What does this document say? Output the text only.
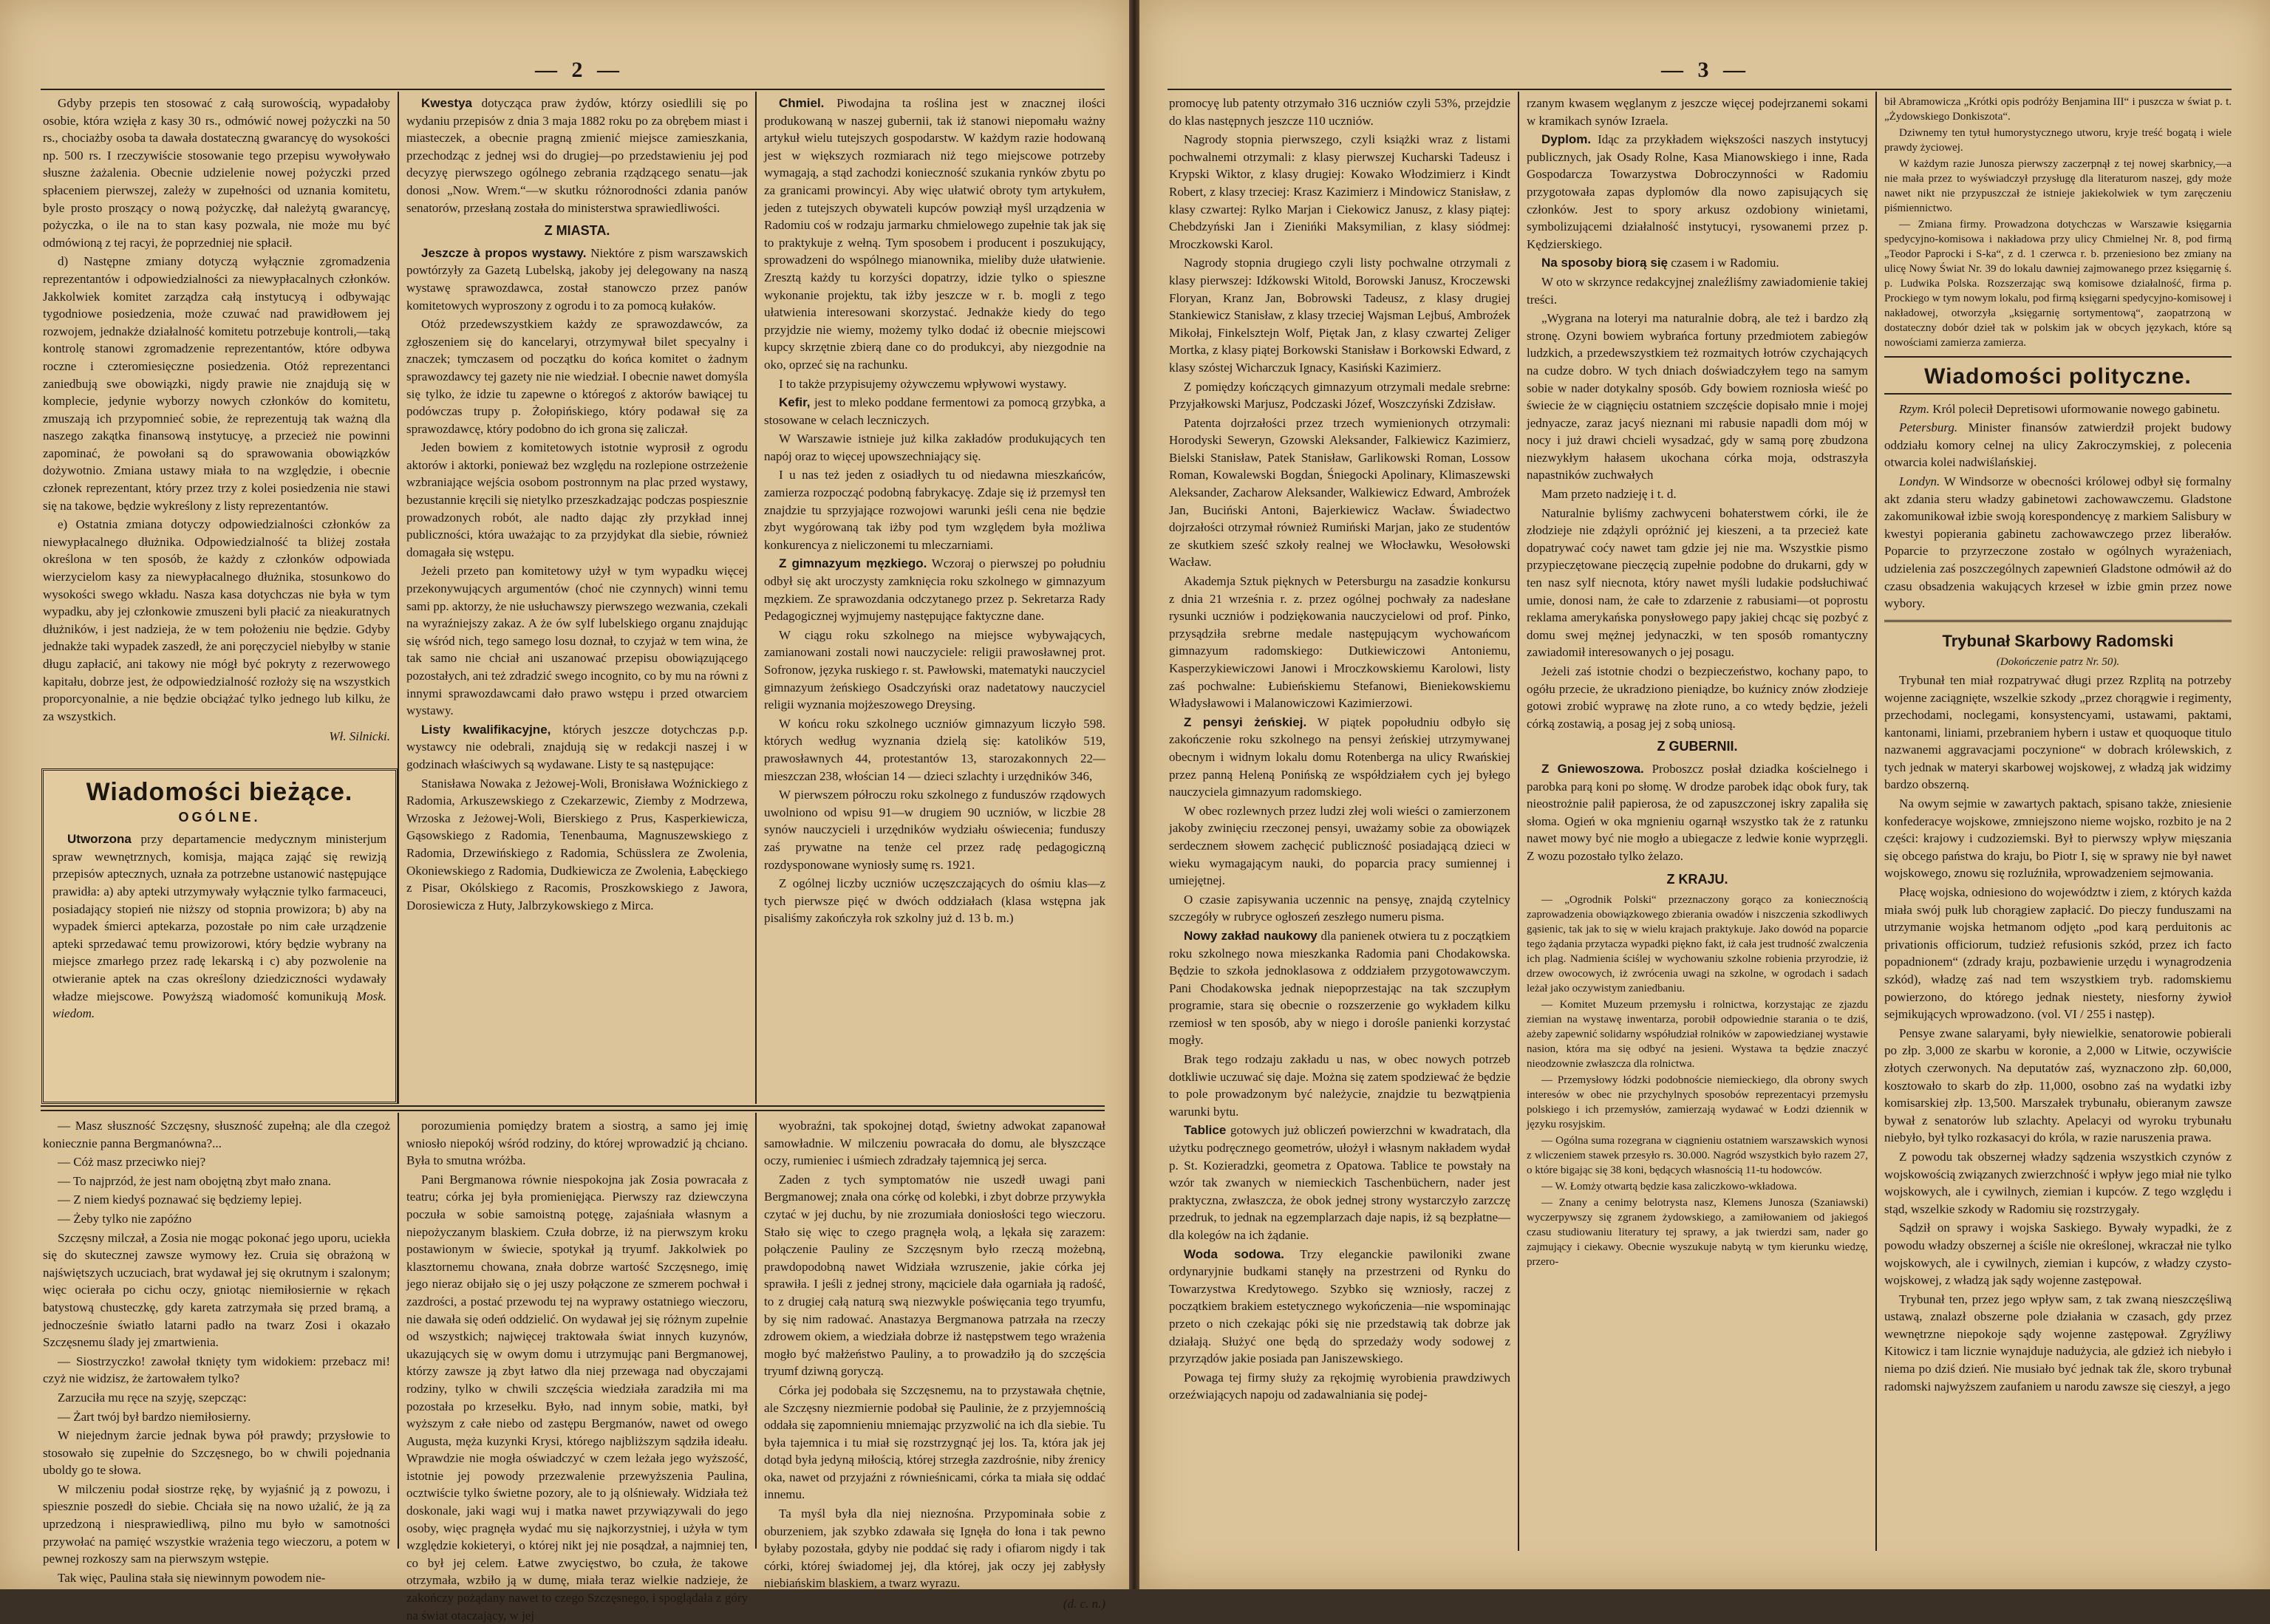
— 2 —

Gdyby przepis ten stosować z całą surowością, wypadałoby osobie, która wzięła z kasy 30 rs., odmówić nowej pożyczki na 50 rs., chociażby osoba ta dawała dostateczną gwarancyę do wysokości np. 500 rs. I rzeczywiście stosowanie tego przepisu wywoływało słuszne żażalenia. Obecnie udzielenie nowej pożyczki przed spłaceniem pierwszej, zależy w zupełności od uznania komitetu, byle prosto proszący o nową pożyczkę, dał należytą gwarancyę, pożyczka, o ile na to stan kasy pozwala, nie może mu być odmówioną z tej racyi, że poprzedniej nie spłacił.

d) Następne zmiany dotyczą wyłącznie zgromadzenia reprezentantów i odpowiedzialności za niewypłacalnych członków. Jakkolwiek komitet zarządza całą instytucyą i odbywając tygodniowe posiedzenia, może czuwać nad prawidłowem jej rozwojem, jednakże działalność komitetu potrzebuje kontroli,—taką kontrolę stanowi zgromadzenie reprezentantów, które odbywa roczne i czteromiesięczne posiedzenia. Otóż reprezentanci zaniedbują swe obowiązki, nigdy prawie nie znajdują się w komplecie, jedynie wyborzy nowych członków do komitetu, zmuszają ich przypomnieć sobie, że reprezentują tak ważną dla naszego zakątka finansową instytucyę, a przecież nie powinni zapominać, że powołani są do sprawowania obowiązków dożywotnio. Zmiana ustawy miała to na względzie, i obecnie członek reprezentant, który przez trzy z kolei posiedzenia nie stawi się na takowe, będzie wykreślony z listy reprezentantów.

e) Ostatnia zmiana dotyczy odpowiedzialności członków za niewypłacalnego dłużnika. Odpowiedzialność ta bliżej została określona w ten sposób, że każdy z członków odpowiada wierzycielom kasy za niewypłacalnego dłużnika, stosunkowo do wysokości swego wkładu. Nasza kasa dotychczas nie była w tym wypadku, aby jej członkowie zmuszeni byli płacić za nieakuratnych dłużników, i jest nadzieja, że w tem położeniu nie będzie. Gdyby jednakże taki wypadek zaszedł, że ani poręczyciel niebyłby w stanie długu zapłacić, ani takowy nie mógł być pokryty z rezerwowego kapitału, dobrze jest, że odpowiedzialność rozłoży się na wszystkich proporcyonalnie, a nie będzie obciążać tylko jednego lub kilku, że za wszystkich.

Wł. Silnicki.

Kwestya dotycząca praw żydów, którzy osiedlili się po wydaniu przepisów z dnia 3 maja 1882 roku po za obrębem miast i miasteczek, a obecnie pragną zmienić miejsce zamieszkania, przechodząc z jednej wsi do drugiej—po przedstawieniu jej pod decyzyę pierwszego ogólnego zebrania rządzącego senatu—jak donosi „Now. Wrem.“—w skutku różnorodności zdania panów senatorów, przesłaną została do ministerstwa sprawiedliwości.

Z MIASTA.

Jeszcze à propos wystawy. Niektóre z pism warszawskich powtórzyły za Gazetą Lubelską, jakoby jej delegowany na naszą wystawę sprawozdawca, został stanowczo przez panów komitetowych wyproszony z ogrodu i to za pomocą kułaków.

Otóż przedewszystkiem każdy ze sprawozdawców, za zgłoszeniem się do kancelaryi, otrzymywał bilet specyalny i znaczek; tymczasem od początku do końca komitet o żadnym sprawozdawcy tej gazety nie nie wiedział. I obecnie nawet domyśla się tylko, że idzie tu zapewne o któregoś z aktorów bawiącej tu podówczas trupy p. Żołopińskiego, który podawał się za sprawozdawcę, który podobno do ich grona się zaliczał.

Jeden bowiem z komitetowych istotnie wyprosił z ogrodu aktorów i aktorki, ponieważ bez względu na rozlepione ostrzeżenie wzbraniające wejścia osobom postronnym na plac przed wystawy, bezustannie kręcili się nietylko przeszkadzając podczas pospiesznie prowadzonych robót, ale nadto dając zły przykład innej publiczności, która uważając to za przyjdykat dla siebie, również domagała się wstępu.

Jeżeli przeto pan komitetowy użył w tym wypadku więcej przekonywujących argumentów (choć nie czynnych) winni temu sami pp. aktorzy, że nie usłuchawszy pierwszego wezwania, czekali na wyraźniejszy zakaz. A że ów sylf lubelskiego organu znajdując się wśród nich, tego samego losu doznał, to czyjaż w tem wina, że tak samo nie chciał ani uszanować przepisu obowiązującego pozostałych, ani też zdradzić swego incognito, co by mu na równi z innymi sprawozdawcami dało prawo wstępu i przed otwarciem wystawy.

Listy kwalifikacyjne, których jeszcze dotychczas p.p. wystawcy nie odebrali, znajdują się w redakcji naszej i w godzinach właściwych są wydawane. Listy te są następujące:

Stanisława Nowaka z Jeżowej-Woli, Bronisława Woźnickiego z Radomia, Arkuszewskiego z Czekarzewic, Ziemby z Modrzewa, Wrzoska z Jeżowej-Woli, Bierskiego z Prus, Kasperkiewicza, Gąsowskiego z Radomia, Tenenbauma, Magnuszewskiego z Radomia, Drzewińskiego z Radomia, Schüsslera ze Zwolenia, Okoniewskiego z Radomia, Dudkiewicza ze Zwolenia, Łabęckiego z Pisar, Okólskiego z Racomis, Proszkowskiego z Jawora, Dorosiewicza z Huty, Jalbrzykowskiego z Mirca.

Chmiel. Piwodajna ta roślina jest w znacznej ilości produkowaną w naszej gubernii, tak iż stanowi niepomału ważny artykuł wielu tutejszych gospodarstw. W każdym razie hodowaną jest w większych rozmiarach niż tego miejscowe potrzeby wymagają, a stąd zachodzi konieczność szukania rynków zbytu po za granicami prowincyi. Aby więc ułatwić obroty tym artykułem, jeden z tutejszych obywateli kupców powziął myśl urządzenia w Radomiu coś w rodzaju jarmarku chmielowego zupełnie tak jak się to praktykuje z wełną. Tym sposobem i producent i poszukujący, sprowadzeni do wspólnego mianownika, mieliby duże ułatwienie. Zresztą każdy tu korzyści dopatrzy, idzie tylko o spieszne wykonanie projektu, tak iżby jeszcze w r. b. mogli z tego ułatwienia interesowani skorzystać. Jednakże kiedy do tego przyjdzie nie wiemy, możemy tylko dodać iż obecnie miejscowi kupcy skrzętnie zbierą dane co do produkcyi, aby niezgodnie na oko, oprzeć się na rachunku.

I to także przypisujemy ożywczemu wpływowi wystawy.

Kefir, jest to mleko poddane fermentowi za pomocą grzybka, a stosowane w celach leczniczych.

W Warszawie istnieje już kilka zakładów produkujących ten napój oraz to więcej upowszechniający się.

I u nas też jeden z osiadłych tu od niedawna mieszkańców, zamierza rozpocząć podobną fabrykacyę. Zdaje się iż przemysł ten znajdzie tu sprzyjające rozwojowi warunki jeśli cena nie będzie zbyt wygórowaną tak iżby pod tym względem była możliwa konkurencya z nieliczonemi tu mleczarniami.

Z gimnazyum męzkiego. Wczoraj o pierwszej po południu odbył się akt uroczysty zamknięcia roku szkolnego w gimnazyum męzkiem. Ze sprawozdania odczytanego przez p. Sekretarza Rady Pedagogicznej wyjmujemy następujące faktyczne dane.

W ciągu roku szkolnego na miejsce wybywających, zamianowani zostali nowi nauczyciele: religii prawosławnej prot. Sofronow, języka ruskiego r. st. Pawłowski, matematyki nauczyciel gimnazyum żeńskiego Osadczyński oraz nadetatowy nauczyciel religii wyznania mojżeszowego Dreysing.

W końcu roku szkolnego uczniów gimnazyum liczyło 598. których według wyznania dzielą się: katolików 519, prawosławnych 44, protestantów 13, starozakonnych 22—mieszczan 238, włościan 14 — dzieci szlachty i urzędników 346,

W pierwszem półroczu roku szkolnego z funduszów rządowych uwolniono od wpisu 91—w drugiem 90 uczniów, w liczbie 28 synów nauczycieli i urzędników wydziału oświecenia; funduszy zaś prywatne na tenże cel przez radę pedagogiczną rozdysponowane wyniosły sumę rs. 1921.

Z ogólnej liczby uczniów uczęszczających do ośmiu klas—z tych pierwsze pięć w dwóch oddziałach (klasa wstępna jak pisaliśmy zakończyła rok szkolny już d. 13 b. m.)

Wiadomości bieżące.
OGÓLNE.

Utworzona przy departamencie medycznym ministerjum spraw wewnętrznych, komisja, mająca zająć się rewizją przepisów aptecznych, uznała za potrzebne ustanowić następujące prawidła: a) aby apteki utrzymywały wyłącznie tylko farmaceuci, posiadający stopień nie niższy od stopnia prowizora; b) aby na wypadek śmierci aptekarza, pozostałe po nim całe urządzenie apteki sprzedawać temu prowizorowi, który będzie wybrany na miejsce zmarłego przez radę lekarską i c) aby pozwolenie na otwieranie aptek na czas określony dziedziczności wydawały władze miejscowe. Powyższą wiadomość komunikują Mosk. wiedom.

— Masz słuszność Szczęsny, słuszność zupełną; ale dla czegoż koniecznie panna Bergmanówna?...

— Cóż masz przeciwko niej?

— To najprzód, że jest nam obojętną zbyt mało znana.

— Z niem kiedyś poznawać się będziemy lepiej.

— Żeby tylko nie zapóźno

Szczęsny milczał, a Zosia nie mogąc pokonać jego uporu, uciekła się do skutecznej zawsze wymowy łez. Cruia się obrażoną w najświętszych uczuciach, brat wydawał jej się okrutnym i szalonym; więc ocierała po cichu oczy, gniotąc niemiłosiernie w rękach batystową chusteczkę, gdy kareta zatrzymała się przed bramą, a jednocześnie światło latarni padło na twarz Zosi i okazało Szczęsnemu ślady jej zmartwienia.

— Siostrzyczko! zawołał tknięty tym widokiem: przebacz mi! czyż nie widzisz, że żartowałem tylko?

Zarzuciła mu ręce na szyję, szepcząc:

— Żart twój był bardzo niemiłosierny.

W niejednym żarcie jednak bywa pół prawdy; przysłowie to stosowało się zupełnie do Szczęsnego, bo w chwili pojednania uboldy go te słowa.

W milczeniu podał siostrze rękę, by wyjaśnić ją z powozu, i spiesznie poszedł do siebie. Chciała się na nowo użalić, że ją za uprzedzoną i niesprawiedliwą, pilno mu było w samotności przywołać na pamięć wszystkie wrażenia tego wieczoru, a potem w pewnej rozkoszy sam na pierwszym wstępie.

Tak więc, Paulina stała się niewinnym powodem nie-

porozumienia pomiędzy bratem a siostrą, a samo jej imię wniosło niepokój wśród rodziny, do której wprowadzić ją chciano. Była to smutna wróżba.

Pani Bergmanowa równie niespokojna jak Zosia powracała z teatru; córka jej była promienięjąca. Pierwszy raz dziewczyna poczuła w sobie samoistną potęgę, zajaśniała własnym a niepożyczanym blaskiem. Czuła dobrze, iż na pierwszym kroku postawionym w świecie, spotykał ją tryumf. Jakkolwiek po klasztornemu chowana, znała dobrze wartość Szczęsnego, imię jego nieraz obijało się o jej uszy połączone ze szmerem pochwał i zazdrości, a postać przewodu tej na wyprawy ostatniego wieczoru, nie dawała się odeń oddzielić. On wydawał jej się różnym zupełnie od wszystkich; najwięcej traktowała świat innych kuzynów, ukazujących się w owym domu i utrzymując pani Bergmanowej, którzy zawsze ją zbyt łatwo dla niej przewaga nad obyczajami rodziny, tylko w chwili szczęścia wiedziała zaradziła mi ma pozostała po krzesełku. Było, nad innym sobie, matki, był wyższym z całe niebo od zastępu Bergmanów, nawet od owego Augusta, męża kuzynki Krysi, którego najbliższym sądziła ideału. Wprawdzie nie mogła oświadczyć w czem leżała jego wyższość, istotnie jej powody przezwalenie przewyższenia Paulina, ocztwiście tylko świetne pozory, ale to ją olśniewały. Widziała też doskonale, jaki wagi wuj i matka nawet przywiązywali do jego osoby, więc pragnęła wydać mu się najkorzystniej, i użyła w tym względzie kokieteryi, o której nikt jej nie posądzał, a najmniej ten, co był jej celem. Łatwe zwycięstwo, bo czuła, że takowe otrzymała, wzbiło ją w dumę, miała teraz wielkie nadzieje, że zakończy pożądany nawet to czego Szczęsnego, i spoglądała z góry na świat otaczający, w jej

wyobraźni, tak spokojnej dotąd, świetny adwokat zapanował samowładnie. W milczeniu powracała do domu, ale błyszczące oczy, rumieniec i uśmiech zdradzały tajemnicą jej serca.

Zaden z tych symptomatów nie uszedł uwagi pani Bergmanowej; znała ona córkę od kolebki, i zbyt dobrze przywykła czytać w jej duchu, by nie zrozumiała doniosłości tego wieczoru. Stało się więc to czego pragnęła wolą, a lękała się zarazem: połączenie Pauliny ze Szczęsnym było rzeczą możebną, prawdopodobną nawet Widziała wzruszenie, jakie córka jej sprawiła. I jeśli z jednej strony, mąciciele dała ogarniała ją radość, to z drugiej całą naturą swą niezwykle poświęcania tego tryumfu, by się nim radować. Anastazya Bergmanowa patrzała na rzeczy zdrowem okiem, a wiedziała dobrze iż następstwem tego wrażenia mogło być małżeństwo Pauliny, a to prowadziło ją do szczęścia tryumf dziwną goryczą.

Córka jej podobała się Szczęsnemu, na to przystawała chętnie, ale Szczęsny niezmiernie podobał się Paulinie, że z przyjemnością oddała się zapomnieniu mniemając przyzwolić na ich dla siebie. Tu była tajemnica i tu miał się rozstrzygnąć jej los. Ta, która jak jej dotąd była jedyną miłością, której strzegła zazdrośnie, niby źrenicy oka, nawet od przyjaźni z równieśnicami, córka ta miała się oddać innemu.

Ta myśl była dla niej nieznośna. Przypominała sobie z oburzeniem, jak szybko zdawała się Ignęła do łona i tak pewno byłaby pozostała, gdyby nie poddać się rady i ofiarom nigdy i tak córki, której świadomej jej, dla której, jak oczy jej zabłysły niebiańskim blaskiem, a twarz wyrazu.

(d. c. n.)
— 3 —

promocyę lub patenty otrzymało 316 uczniów czyli 53%, przejdzie do klas następnych jeszcze 110 uczniów.

Nagrody stopnia pierwszego, czyli książki wraz z listami pochwalnemi otrzymali: z klasy pierwszej Kucharski Tadeusz i Krypski Wiktor, z klasy drugiej: Kowako Włodzimierz i Kindt Robert, z klasy trzeciej: Krasz Kazimierz i Mindowicz Stanisław, z klasy czwartej: Rylko Marjan i Ciekowicz Janusz, z klasy piątej: Chebdzyński Jan i Zienińki Maksymilian, z klasy siódmej: Mroczkowski Karol.

Nagrody stopnia drugiego czyli listy pochwalne otrzymali z klasy pierwszej: Idźkowski Witold, Borowski Janusz, Kroczewski Floryan, Kranz Jan, Bobrowski Tadeusz, z klasy drugiej Stankiewicz Stanisław, z klasy trzeciej Wajsman Lejbuś, Ambroźek Mikołaj, Finkelsztejn Wolf, Piętak Jan, z klasy czwartej Zeliger Mortka, z klasy piątej Borkowski Stanisław i Borkowski Edward, z klasy szóstej Wicharczuk Ignacy, Kasiński Kazimierz.

Z pomiędzy kończących gimnazyum otrzymali medale srebrne: Przyjałkowski Marjusz, Podczaski Józef, Woszczyński Zdzisław.

Patenta dojrzałości przez trzech wymienionych otrzymali: Horodyski Seweryn, Gzowski Aleksander, Falkiewicz Kazimierz, Bielski Stanisław, Patek Stanisław, Garlikowski Roman, Lossow Roman, Kowalewski Bogdan, Śniegocki Apolinary, Klimaszewski Aleksander, Zacharow Aleksander, Walkiewicz Edward, Ambroźek Jan, Buciński Antoni, Bajerkiewicz Wacław. Świadectwo dojrzałości otrzymał również Rumiński Marjan, jako ze studentów ze skutkiem sześć szkoły realnej we Włocławku, Wesołowski Wacław.

Akademja Sztuk pięknych w Petersburgu na zasadzie konkursu z dnia 21 września r. z. przez ogólnej pochwały za nadesłane rysunki uczniów i podziękowania nauczycielowi od prof. Pinko, przysądziła srebrne medale następującym wychowańcom gimnazyum radomskiego: Dutkiewiczowi Antoniemu, Kasperzykiewiczowi Janowi i Mroczkowskiemu Karolowi, listy zaś pochwalne: Łubieńskiemu Stefanowi, Bieniekowskiemu Władysławowi i Malanowiczowi Kazimierzowi.

Z pensyi żeńskiej. W piątek popołudniu odbyło się zakończenie roku szkolnego na pensyi żeńskiej utrzymywanej obecnym i widnym lokalu domu Rotenberga na ulicy Rwańskiej przez panną Heleną Ponińską ze współdziałem cych jej byłego nauczyciela gimnazyum radomskiego.

W obec rozlewnych przez ludzi złej woli wieści o zamierzonem jakoby zwinięciu rzeczonej pensyi, uważamy sobie za obowiązek serdecznem słowem zachęcić publiczność posiadającą dzieci w wieku wymagającym nauki, do poparcia pracy sumiennej i umiejętnej.

O czasie zapisywania uczennic na pensyę, znajdą czytelnicy szczegóły w rubryce ogłoszeń zeszłego numeru pisma.

Nowy zakład naukowy dla panienek otwiera tu z początkiem roku szkolnego nowa mieszkanka Radomia pani Chodakowska. Będzie to szkoła jednoklasowa z oddziałem przygotowawczym. Pani Chodakowska jednak niepoprzestając na tak szczupłym programie, stara się obecnie o rozszerzenie go wykładem kilku rzemiosł w ten sposób, aby w niego i doroślе panienki korzystać mogły.

Brak tego rodzaju zakładu u nas, w obec nowych potrzeb dotkliwie uczuwać się daje. Można się zatem spodziewać że będzie to pole prowadzonym być należycie, znajdzie tu bezwątpienia warunki bytu.

Tablice gotowych już obliczeń powierzchni w kwadratach, dla użytku podręcznego geometrów, ułożył i własnym nakładem wydał p. St. Kozieradzki, geometra z Opatowa. Tablice te powstały na wzór tak zwanych w niemieckich Taschenbüchern, nader jest praktyczna, zwłaszcza, że obok jednej strony wystarczyło zarzczę przedruk, to jednak na egzemplarzach daje napis, iż są bezpłatne—dla kolegów na ich żądanie.

Woda sodowa. Trzy eleganckie pawiloniki zwane ordynaryjnie budkami stanęły na przestrzeni od Rynku do Towarzystwa Kredytowego. Szybko się wzniosły, raczej z początkiem brakiem estetycznego wykończenia—nie wspominając przeto o nich czekając póki się nie przedstawią tak dobrze jak działają. Służyć one będą do sprzedaży wody sodowej z przyrządów jakie posiada pan Janiszewskiego.

Powaga tej firmy służy za rękojmię wyrobienia prawdziwych orzeźwiających napoju od zadawalniania się podej-

rzanym kwasem węglanym z jeszcze więcej podejrzanemi sokami w kramikach synów Izraela.

Dyplom. Idąc za przykładem większości naszych instytucyj publicznych, jak Osady Rolne, Kasa Mianowskiego i inne, Rada Gospodarcza Towarzystwa Dobroczynności w Radomiu przygotowała zapas dyplomów dla nowo zapisujących się członków. Jest to spory arkusz ozdobiony winietami, symbolizującemi działalność instytucyi, rysowanemi przez p. Kędzierskiego.

Na sposoby biorą się czasem i w Radomiu.

W oto w skrzynce redakcyjnej znaleźliśmy zawiadomienie takiej treści.

„Wygrana na loteryi ma naturalnie dobrą, ale też i bardzo złą stronę. Ozyni bowiem wybrańca fortuny przedmiotem zabiegów ludzkich, a przedewszystkiem też rozmaitych łotrów czychających na cudze dobro. W tych dniach doświadczyłem tego na samym sobie w nader dotykalny sposób. Gdy bowiem rozniosła wieść po świecie że w ciągnięciu ostatniem szczęście dopisało mnie i mojej jednyacze, zaraz jacyś nieznani mi rabusie napadli dom mój w nocy i już drawi chcieli wysadzać, gdy w samą porę zbudzona niezwykłym hałasem ukochana córka moja, odstraszyła napastników zuchwałych

Mam przeto nadzieję i t. d.

Naturalnie byliśmy zachwyceni bohaterstwem córki, ile że złodzieje nie zdążyli opróżnić jej kieszeni, a ta przecież kate dopatrywać coćy nawet tam gdzie jej nie ma. Wszystkie pismo przypieczętowane pieczęcią zupełnie podobne do drukarni, gdy w ten nasz sylf niecnota, który nawet myśli ludakie podsłuchiwać umie, donosi nam, że całe to zdarzenie z rabusiami—ot poprostu reklama amerykańska ponysłowego papy jakiej chcąc się pozbyć z domu swej mężnej jedynaczki, w ten sposób romantyczny zawiadomił interesowanych o jej posagu.

Jeżeli zaś istotnie chodzi o bezpieczeństwo, kochany papo, to ogółu przecie, że ukradziono pieniądze, bo kuźnicy znów złodzieje gotowi zrobić wyprawę na złote runo, a co wtedy będzie, jeżeli córką zostawią, a posag jej z sobą uniosą.

Z GUBERNII.

Z Gniewoszowa. Proboszcz posłał dziadka kościelnego i parobka parą koni po słomę. W drodze parobek idąc obok fury, tak nieostrożnie palił papierosa, że od zapuszczonej iskry zapaliła się słoma. Ogień w oka mgnieniu ogarnął wszystko tak że z ratunku nawet mowy być nie mogło a ubiegacze z ledwie konie wyprzęgli. Z wozu pozostało tylko żelazo.

Z KRAJU.

— „Ogrodnik Polski“ przeznaczony gorąco za koniecznością zaprowadzenia obowiązkowego zbierania owadów i niszczenia szkodliwych gąsienic, tak jak to się w wielu krajach praktykuje. Jako dowód na poparcie tego żądania przytacza wypadki piękno fakt, iż cała jest trudność zwalczenia ich plag. Nadmienia ściślej w wychowaniu szkolne robienia przyrodzie, iż drzew owocowych, iż zwrócenia uwagi na szkolne, w ogrodach i sadach leżał jako oczywistym zaniedbaniu.

— Komitet Muzeum przemysłu i rolnictwa, korzystając ze zjazdu ziemian na wystawę inwentarza, porobił odpowiednie starania o te dziś, ażeby zapewnić solidarny współudział rolników w zapowiedzianej wystawie nasion, która ma się odbyć na jesieni. Wystawa ta będzie znaczyć nieodzownie zwłaszcza dla rolnictwa.

— Przemysłowy łódzki podobnoście niemieckiego, dla obrony swych interesów w obec nie przychylnych sposobów reprezentacyi przemysłu polskiego i ich przemysłów, zamierzają wydawać w Łodzi dziennik w języku rosyjskim.

— Ogólna suma rozegrana w ciągnieniu ostatniem warszawskich wynosi z wliczeniem stawek przesyło rs. 30.000. Nagród wszystkich było razem 27, o które bigając się 38 koni, będących własnością 11-tu hodowców.

— W. Łomży otwartą będzie kasa zaliczkowo-wkładowa.

— Znany a cenimy belotrysta nasz, Klemens Junosza (Szaniawski) wyczerpywszy się zgranem żydowskiego, a zamiłowaniem od jakiegoś czasu studiowaniu literatury tej sprawy, a jak twierdzi sam, nader go zajmujący i ciekawy. Obecnie wyszukuje nabytą w tym kierunku wiedzę, przero-

bił Abramowicza „Krótki opis podróży Benjamina III“ i puszcza w świat p. t. „Żydowskiego Donkiszota“.

Dziwnemy ten tytuł humorystycznego utworu, kryje treść bogatą i wiele prawdy życiowej.

W każdym razie Junosza pierwszy zaczerpnął z tej nowej skarbnicy,—a nie mała przez to wyświadczył przysługę dla literaturom naszej, gdy może nawet nikt nie przypuszczał że istnieje jakiekolwiek w tym zaręczeniu piśmiennictwo.

— Zmiana firmy. Prowadzona dotychczas w Warszawie księgarnia spedycyjno-komisowa i nakładowa przy ulicy Chmielnej Nr. 8, pod firmą „Teodor Paprocki i S-ka“, z d. 1 czerwca r. b. przeniesiono bez zmiany na ulicę Nowy Świat Nr. 39 do lokalu dawniej zajmowanego przez księgarnię ś. p. Ludwika Polska. Rozszerzając swą komisowe działalność, firma p. Prockiego w tym nowym lokalu, pod firmą księgarni spedycyjno-komisowej i nakładowej, otworzyła „księgarnię sortymentową“, zaopatrzoną w dostateczny dobór dzieł tak w polskim jak w obcych językach, które są nowościami zamierza zamierza.

Wiadomości polityczne.

Rzym. Król polecił Depretisowi uformowanie nowego gabinetu.

Petersburg. Minister finansów zatwierdził projekt budowy oddziału komory celnej na ulicy Zakroczymskiej, z polecenia otwarcia kolei nadwiślańskiej.

Londyn. W Windsorze w obecności królowej odbył się formalny akt zdania steru władzy gabinetowi zachowawczemu. Gladstone zakomunikował izbie swoją korespondencyę z markiem Salisbury w kwestyi popierania gabinetu zachowawczego przez liberałów. Poparcie to przyrzeczone zostało w ogólnych wyrażeniach, udzielenia zaś poszczególnych zapewnień Gladstone odmówił aż do czasu obsadzenia wakujących krzeseł w izbie gmin przez nowe wybory.

Trybunał Skarbowy Radomski
(Dokończenie patrz Nr. 50).

Trybunał ten miał rozpatrywać długi przez Rzplitą na potrzeby wojenne zaciągnięte, wszelkie szkody „przez chorągwie i regimenty, przechodami, noclegami, konsystencyami, ustawami, paktami, kantonami, liniami, przebraniem hybern i ustaw et quoquoque titulo nazwanemi aggravacjami poczynione“ w dobrach królewskich, z tych jednak w materyi skarbowej wojskowej, z władzą jak widzimy bardzo obszerną.

Na owym sejmie w zawartych paktach, spisano także, zniesienie konfederacye wojskowe, zmniejszono nieme wojsko, rozbito je na 2 części: krajowy i cudzoziemski. Był to pierwszy wpływ mięszania się obcego państwa do kraju, bo Piotr I, się w sprawy nie był nawet wojskowego, znowu się rozluźniła, wprowadzeniem sejmowania.

Płacę wojska, odniesiono do województw i ziem, z których każda miała swój pułk lub chorągiew zapłacić. Do pieczy funduszami na utrzymanie wojska hetmanom odjęto „pod karą perduitonis ac privationis officiorum, tudzież refusionis szkód, przez ich facto popadnionem“ (zdrady kraju, pozbawienie urzędu i wynagrodzenia szkód), władzę zaś nad tem wszystkiem tryb. radomskiemu powierzono, do którego jednak niestety, niesforny żywioł sejmikujących wprowadzono. (vol. VI / 255 i następ).

Pensye zwane salaryami, były niewielkie, senatorowie pobierali po złp. 3,000 ze skarbu w koronie, a 2,000 w Litwie, oczywiście złotych czerwonych. Na deputatów zaś, wyznaczono złp. 60,000, kosztowało to skarb do złp. 11,000, osobno zaś na wydatki izby komisarskiej złp. 13,500. Marszałek trybunału, obieranym zawsze bywał z senatorów lub szlachty. Apelacyi od wyroku trybunału niebyło, był tylko rozkasacyi do króla, w razie naruszenia prawa.

Z powodu tak obszernej władzy sądzenia wszystkich czynów z wojskowością związanych zwierzchność i wpływ jego miał nie tylko wojskowych, ale i cywilnych, ziemian i kupców. Z tego względu i stąd, wszelkie szkody w Radomiu się rozstrzygały.

Sądził on sprawy i wojska Saskiego. Bywały wypadki, że z powodu władzy obszernej a ściśle nie określonej, wkraczał nie tylko wojskowych, ale i cywilnych, ziemian i kupców, z władzy czysto-wojskowej, z władzą jak sądy wojenne zastępował.

Trybunał ten, przez jego wpływ sam, z tak zwaną nieszczęśliwą ustawą, znalazł obszerne pole działania w czasach, gdy przez wewnętrzne niepokoje sądy wojenne zastępował. Zgryźliwy Kitowicz i tam licznie wynajduje nadużycia, ale gdzież ich niebyło i niema po dziś dzień. Nie musiało być jednak tak źle, skoro trybunał radomski najwyższem zaufaniem u narodu zawsze się cieszył, a jego
